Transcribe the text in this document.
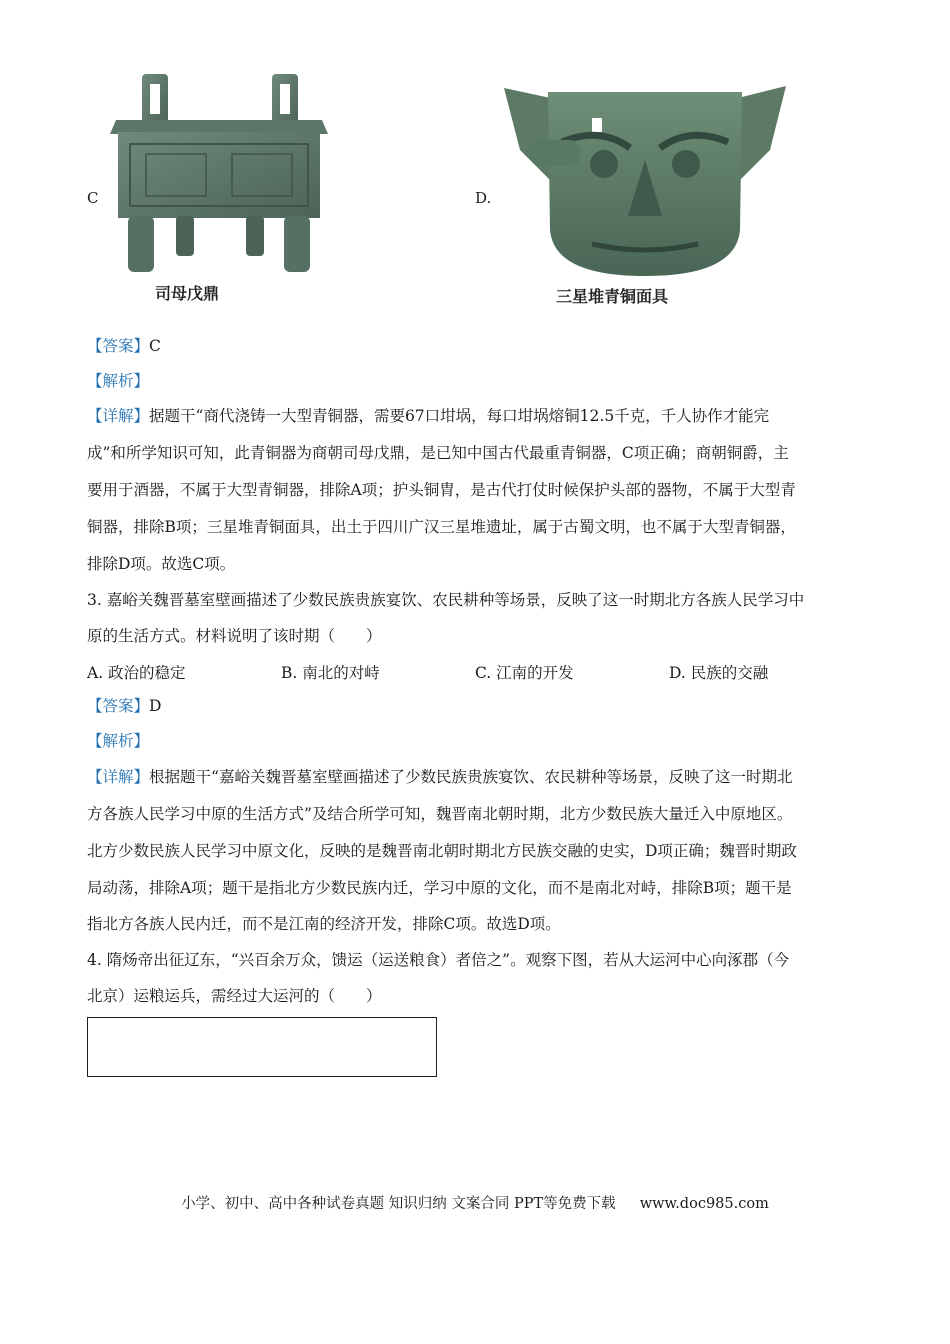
C
司母戊鼎
D.
三星堆青铜面具
【答案】C
【解析】
【详解】据题干“商代浇铸一大型青铜器，需要67口坩埚，每口坩埚熔铜12.5千克，千人协作才能完
成”和所学知识可知，此青铜器为商朝司母戊鼎，是已知中国古代最重青铜器，C项正确；商朝铜爵，主
要用于酒器，不属于大型青铜器，排除A项；护头铜胄，是古代打仗时候保护头部的器物，不属于大型青
铜器，排除B项；三星堆青铜面具，出土于四川广汉三星堆遗址，属于古蜀文明，也不属于大型青铜器，
排除D项。故选C项。
3. 嘉峪关魏晋墓室壁画描述了少数民族贵族宴饮、农民耕种等场景，反映了这一时期北方各族人民学习中
原的生活方式。材料说明了该时期（　　）
A. 政治的稳定	B. 南北的对峙	C. 江南的开发	D. 民族的交融
【答案】D
【解析】
【详解】根据题干“嘉峪关魏晋墓室壁画描述了少数民族贵族宴饮、农民耕种等场景，反映了这一时期北
方各族人民学习中原的生活方式”及结合所学可知，魏晋南北朝时期，北方少数民族大量迁入中原地区。
北方少数民族人民学习中原文化，反映的是魏晋南北朝时期北方民族交融的史实，D项正确；魏晋时期政
局动荡，排除A项；题干是指北方少数民族内迁，学习中原的文化，而不是南北对峙，排除B项；题干是
指北方各族人民内迁，而不是江南的经济开发，排除C项。故选D项。
4. 隋炀帝出征辽东，“兴百余万众，馈运（运送粮食）者倍之”。观察下图，若从大运河中心向涿郡（今
北京）运粮运兵，需经过大运河的（　　）
小学、初中、高中各种试卷真题 知识归纳 文案合同 PPT等免费下载 www.doc985.com
